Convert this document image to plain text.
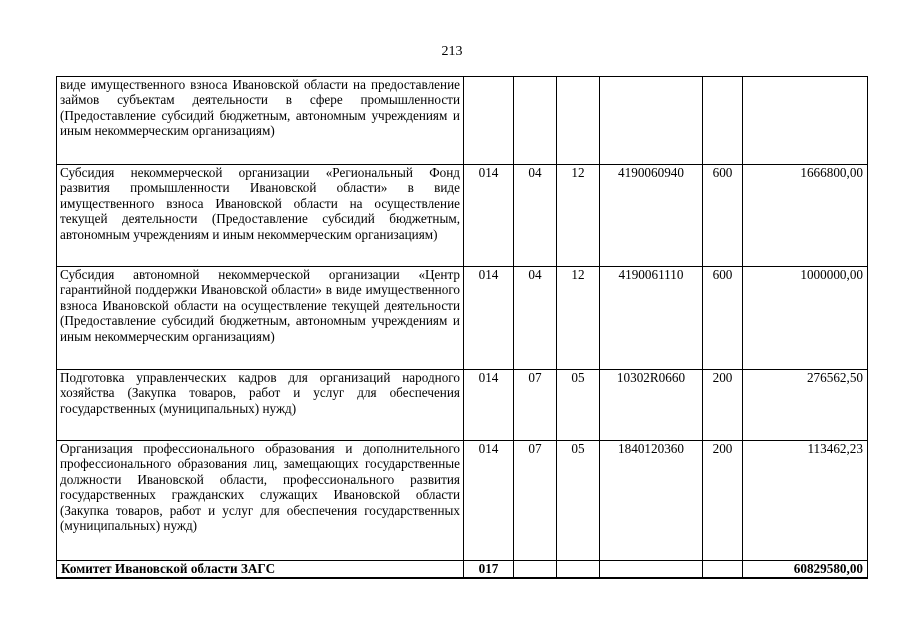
213
виде имущественного взноса Ивановской области на предоставление займов субъектам деятельности в сфере промышленности (Предоставление субсидий бюджетным, автономным учреждениям и иным некоммерческим организациям)						
Субсидия некоммерческой организации «Региональный Фонд развития промышленности Ивановской области» в виде имущественного взноса Ивановской области на осуществление текущей деятельности (Предоставление субсидий бюджетным, автономным учреждениям и иным некоммерческим организациям)	014	04	12	4190060940	600	1666800,00
Субсидия автономной некоммерческой организации «Центр гарантийной поддержки Ивановской области» в виде имущественного взноса Ивановской области на осуществление текущей деятельности (Предоставление субсидий бюджетным, автономным учреждениям и иным некоммерческим организациям)	014	04	12	4190061110	600	1000000,00
Подготовка управленческих кадров для организаций народного хозяйства (Закупка товаров, работ и услуг для обеспечения государственных (муниципальных) нужд)	014	07	05	10302R0660	200	276562,50
Организация профессионального образования и дополнительного профессионального образования лиц, замещающих государственные должности Ивановской области, профессионального развития государственных гражданских служащих Ивановской области (Закупка товаров, работ и услуг для обеспечения государственных (муниципальных) нужд)	014	07	05	1840120360	200	113462,23
Комитет Ивановской области ЗАГС	017					60829580,00
